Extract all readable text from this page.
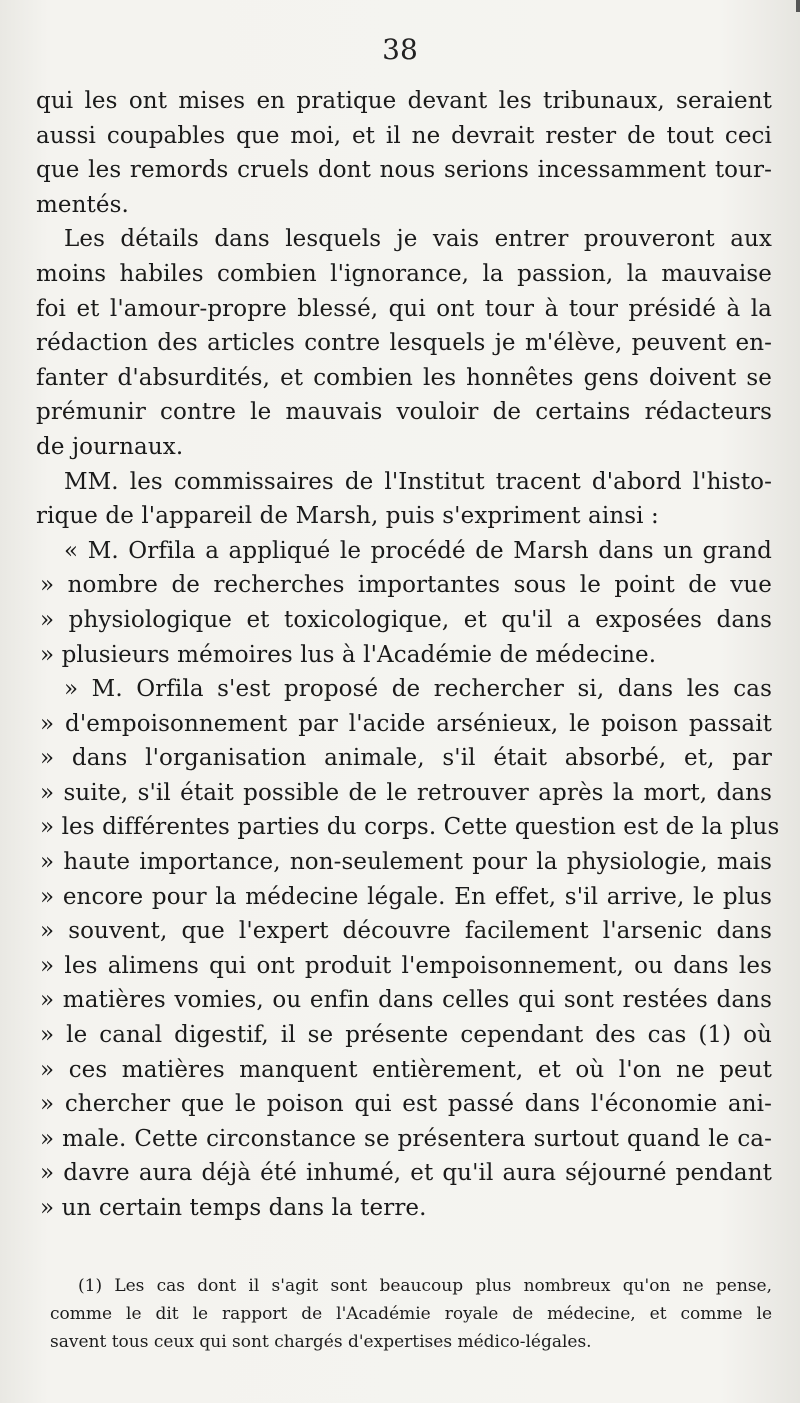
38
qui les ont mises en pratique devant les tribunaux, seraient
aussi coupables que moi, et il ne devrait rester de tout ceci
que les remords cruels dont nous serions incessamment tour-
mentés.
Les détails dans lesquels je vais entrer prouveront aux
moins habiles combien l'ignorance, la passion, la mauvaise
foi et l'amour-propre blessé, qui ont tour à tour présidé à la
rédaction des articles contre lesquels je m'élève, peuvent en-
fanter d'absurdités, et combien les honnêtes gens doivent se
prémunir contre le mauvais vouloir de certains rédacteurs
de journaux.
MM. les commissaires de l'Institut tracent d'abord l'histo-
rique de l'appareil de Marsh, puis s'expriment ainsi :
« M. Orfila a appliqué le procédé de Marsh dans un grand
» nombre de recherches importantes sous le point de vue
» physiologique et toxicologique, et qu'il a exposées dans
» plusieurs mémoires lus à l'Académie de médecine.
» M. Orfila s'est proposé de rechercher si, dans les cas
» d'empoisonnement par l'acide arsénieux, le poison passait
» dans l'organisation animale, s'il était absorbé, et, par
» suite, s'il était possible de le retrouver après la mort, dans
» les différentes parties du corps. Cette question est de la plus
» haute importance, non-seulement pour la physiologie, mais
» encore pour la médecine légale. En effet, s'il arrive, le plus
» souvent, que l'expert découvre facilement l'arsenic dans
» les alimens qui ont produit l'empoisonnement, ou dans les
» matières vomies, ou enfin dans celles qui sont restées dans
» le canal digestif, il se présente cependant des cas (1) où
» ces matières manquent entièrement, et où l'on ne peut
» chercher que le poison qui est passé dans l'économie ani-
» male. Cette circonstance se présentera surtout quand le ca-
» davre aura déjà été inhumé, et qu'il aura séjourné pendant
» un certain temps dans la terre.
(1) Les cas dont il s'agit sont beaucoup plus nombreux qu'on ne pense,
comme le dit le rapport de l'Académie royale de médecine, et comme le
savent tous ceux qui sont chargés d'expertises médico-légales.
